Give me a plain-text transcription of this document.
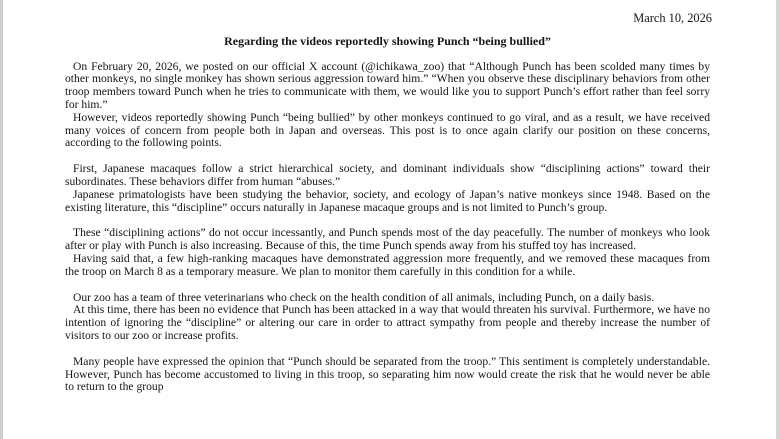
March 10, 2026
Regarding the videos reportedly showing Punch “being bullied”

On February 20, 2026, we posted on our official X account (@ichikawa_zoo) that “Although Punch has been scolded many times by other monkeys, no single monkey has shown serious aggression toward him.” “When you observe these disciplinary behaviors from other troop members toward Punch when he tries to communicate with them, we would like you to support Punch’s effort rather than feel sorry for him.”

However, videos reportedly showing Punch “being bullied” by other monkeys continued to go viral, and as a result, we have received many voices of concern from people both in Japan and overseas. This post is to once again clarify our position on these concerns, according to the following points.

First, Japanese macaques follow a strict hierarchical society, and dominant individuals show “disciplining actions” toward their subordinates. These behaviors differ from human “abuses.”

Japanese primatologists have been studying the behavior, society, and ecology of Japan’s native monkeys since 1948. Based on the existing literature, this “discipline” occurs naturally in Japanese macaque groups and is not limited to Punch’s group.

These “disciplining actions” do not occur incessantly, and Punch spends most of the day peacefully. The number of monkeys who look after or play with Punch is also increasing. Because of this, the time Punch spends away from his stuffed toy has increased.

Having said that, a few high-ranking macaques have demonstrated aggression more frequently, and we removed these macaques from the troop on March 8 as a temporary measure. We plan to monitor them carefully in this condition for a while.

Our zoo has a team of three veterinarians who check on the health condition of all animals, including Punch, on a daily basis.

At this time, there has been no evidence that Punch has been attacked in a way that would threaten his survival. Furthermore, we have no intention of ignoring the “discipline” or altering our care in order to attract sympathy from people and thereby increase the number of visitors to our zoo or increase profits.

Many people have expressed the opinion that “Punch should be separated from the troop.” This sentiment is completely understandable. However, Punch has become accustomed to living in this troop, so separating him now would create the risk that he would never be able to return to the group
